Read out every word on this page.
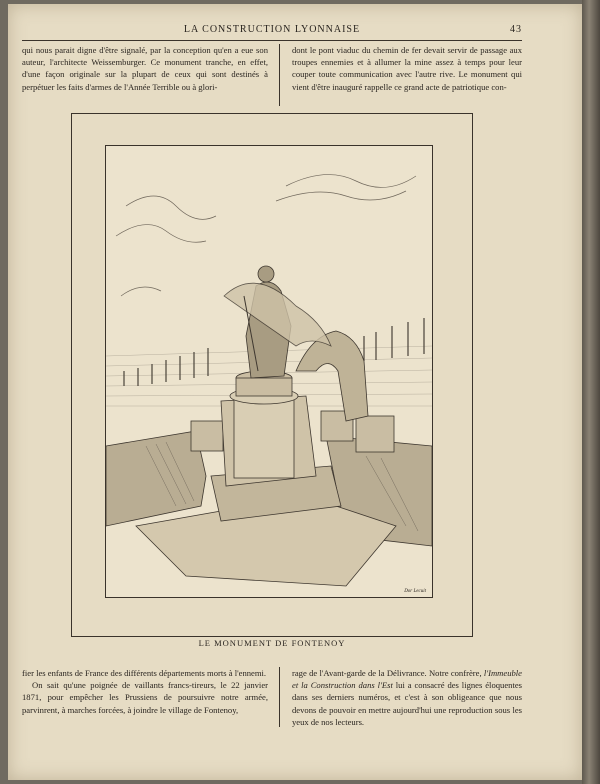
LA CONSTRUCTION LYONNAISE	43

qui nous parait digne d'être signalé, par la conception qu'en a eue son auteur, l'architecte Weissemburger. Ce monument tranche, en effet, d'une façon originale sur la plupart de ceux qui sont destinés à perpétuer les faits d'armes de l'Année Terrible ou à glori-

dont le pont viaduc du chemin de fer devait servir de passage aux troupes ennemies et à allumer la mine assez à temps pour leur couper toute communication avec l'autre rive. Le monument qui vient d'être inauguré rappelle ce grand acte de patriotique con-

Dor Lecuit
LE MONUMENT DE FONTENOY

fier les enfants de France des différents départements morts à l'ennemi.

On sait qu'une poignée de vaillants francs-tireurs, le 22 janvier 1871, pour empêcher les Prussiens de poursuivre notre armée, parvinrent, à marches forcées, à joindre le village de Fontenoy,

rage de l'Avant-garde de la Délivrance. Notre confrère, l'Immeuble et la Construction dans l'Est lui a consacré des lignes éloquentes dans ses derniers numéros, et c'est à son obligeance que nous devons de pouvoir en mettre aujourd'hui une reproduction sous les yeux de nos lecteurs.
